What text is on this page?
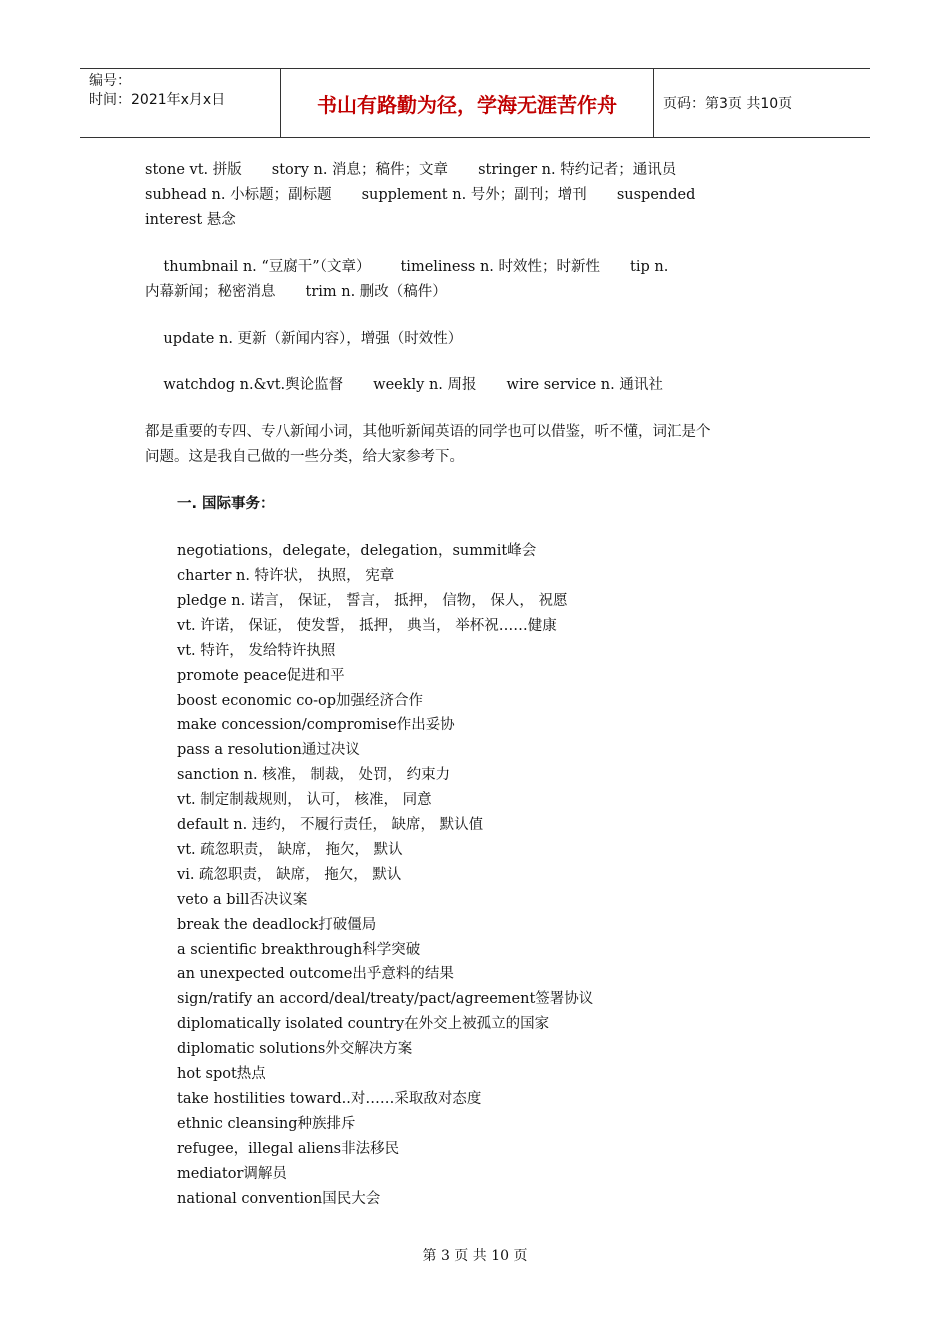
编号：
时间：2021年x月x日	书山有路勤为径，学海无涯苦作舟	页码：第3页 共10页
stone vt. 拼版 story n. 消息；稿件；文章 stringer n. 特约记者；通讯员
subhead n. 小标题；副标题 supplement n. 号外；副刊；增刊 suspended
interest 悬念
thumbnail n. “豆腐干”（文章） timeliness n. 时效性；时新性 tip n.
内幕新闻；秘密消息 trim n. 删改（稿件）
update n. 更新（新闻内容），增强（时效性）
watchdog n.&vt.舆论监督 weekly n. 周报 wire service n. 通讯社
都是重要的专四、专八新闻小词，其他听新闻英语的同学也可以借鉴，听不懂，词汇是个
问题。这是我自己做的一些分类，给大家参考下。
一. 国际事务：
negotiations，delegate，delegation，summit峰会
charter n. 特许状， 执照， 宪章
pledge n. 诺言， 保证， 誓言， 抵押， 信物， 保人， 祝愿
vt. 许诺， 保证， 使发誓， 抵押， 典当， 举杯祝……健康
vt. 特许， 发给特许执照
promote peace促进和平
boost economic co-op加强经济合作
make concession/compromise作出妥协
pass a resolution通过决议
sanction n. 核准， 制裁， 处罚， 约束力
vt. 制定制裁规则， 认可， 核准， 同意
default n. 违约， 不履行责任， 缺席， 默认值
vt. 疏忽职责， 缺席， 拖欠， 默认
vi. 疏忽职责， 缺席， 拖欠， 默认
veto a bill否决议案
break the deadlock打破僵局
a scientific breakthrough科学突破
an unexpected outcome出乎意料的结果
sign/ratify an accord/deal/treaty/pact/agreement签署协议
diplomatically isolated country在外交上被孤立的国家
diplomatic solutions外交解决方案
hot spot热点
take hostilities toward..对……采取敌对态度
ethnic cleansing种族排斥
refugee，illegal aliens非法移民
mediator调解员
national convention国民大会
第 3 页 共 10 页
